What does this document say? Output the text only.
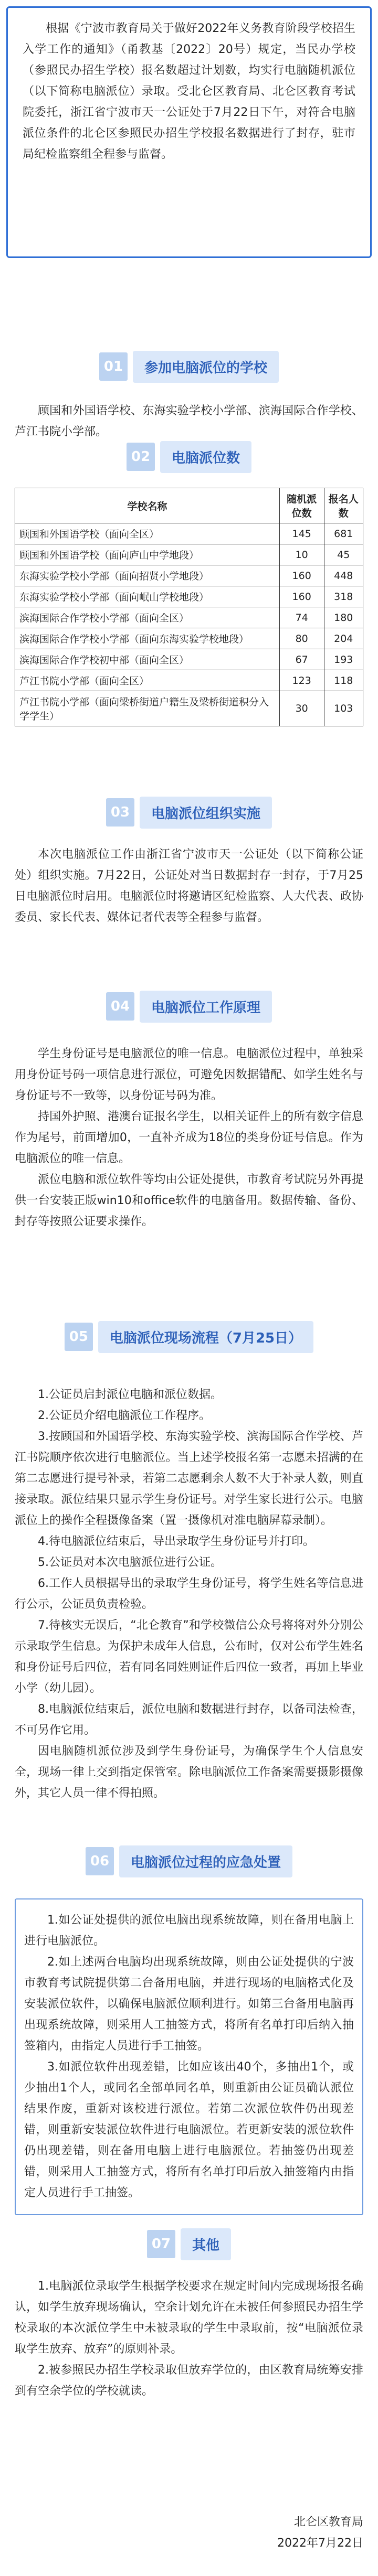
根据《宁波市教育局关于做好2022年义务教育阶段学校招生入学工作的通知》（甬教基〔2022〕20号）规定，当民办学校（参照民办招生学校）报名数超过计划数，均实行电脑随机派位（以下简称电脑派位）录取。受北仑区教育局、北仑区教育考试院委托，浙江省宁波市天一公证处于7月22日下午，对符合电脑派位条件的北仑区参照民办招生学校报名数据进行了封存，驻市局纪检监察组全程参与监督。

01	参加电脑派位的学校

顾国和外国语学校、东海实验学校小学部、滨海国际合作学校、芦江书院小学部。

02	电脑派位数
学校名称	随机派位数	报名人数
顾国和外国语学校（面向全区）	145	681
顾国和外国语学校（面向庐山中学地段）	10	45
东海实验学校小学部（面向招贤小学地段）	160	448
东海实验学校小学部（面向岷山学校地段）	160	318
滨海国际合作学校小学部（面向全区）	74	180
滨海国际合作学校小学部（面向东海实验学校地段）	80	204
滨海国际合作学校初中部（面向全区）	67	193
芦江书院小学部（面向全区）	123	118
芦江书院小学部（面向梁桥街道户籍生及梁桥街道积分入学学生）	30	103
03	电脑派位组织实施

本次电脑派位工作由浙江省宁波市天一公证处（以下简称公证处）组织实施。7月22日，公证处对当日数据封存一封存，于7月25日电脑派位时启用。电脑派位时将邀请区纪检监察、人大代表、政协委员、家长代表、媒体记者代表等全程参与监督。

04	电脑派位工作原理

学生身份证号是电脑派位的唯一信息。电脑派位过程中，单独采用身份证号码一项信息进行派位，可避免因数据错配、如学生姓名与身份证号不一致等，以身份证号码为准。

持国外护照、港澳台证报名学生，以相关证件上的所有数字信息作为尾号，前面增加0，一直补齐成为18位的类身份证号信息。作为电脑派位的唯一信息。

派位电脑和派位软件等均由公证处提供，市教育考试院另外再提供一台安装正版win10和office软件的电脑备用。数据传输、备份、封存等按照公证要求操作。

05	电脑派位现场流程（7月25日）

1.公证员启封派位电脑和派位数据。

2.公证员介绍电脑派位工作程序。

3.按顾国和外国语学校、东海实验学校、滨海国际合作学校、芦江书院顺序依次进行电脑派位。当上述学校报名第一志愿未招满的在第二志愿进行提号补录，若第二志愿剩余人数不大于补录人数，则直接录取。派位结果只显示学生身份证号。对学生家长进行公示。电脑派位上的操作全程摄像备案（置一摄像机对准电脑屏幕录制）。

4.待电脑派位结束后，导出录取学生身份证号并打印。

5.公证员对本次电脑派位进行公证。

6.工作人员根据导出的录取学生身份证号，将学生姓名等信息进行公示，公证员负责检验。

7.待核实无误后，“北仑教育”和学校微信公众号将将对外分别公示录取学生信息。为保护未成年人信息，公布时，仅对公布学生姓名和身份证号后四位，若有同名同姓则证件后四位一致者，再加上毕业小学（幼儿园）。

8.电脑派位结束后，派位电脑和数据进行封存，以备司法检查，不可另作它用。

因电脑随机派位涉及到学生身份证号，为确保学生个人信息安全，现场一律上交到指定保管室。除电脑派位工作备案需要摄影摄像外，其它人员一律不得拍照。

06	电脑派位过程的应急处置

1.如公证处提供的派位电脑出现系统故障，则在备用电脑上进行电脑派位。

2.如上述两台电脑均出现系统故障，则由公证处提供的宁波市教育考试院提供第二台备用电脑，并进行现场的电脑格式化及安装派位软件，以确保电脑派位顺利进行。如第三台备用电脑再出现系统故障，则采用人工抽签方式，将所有名单打印后纳入抽签箱内，由指定人员进行手工抽签。

3.如派位软件出现差错，比如应该出40个，多抽出1个，或少抽出1个人，或同名全部单同名单，则重新由公证员确认派位结果作废，重新对该校进行派位。若第二次派位软件仍出现差错，则重新安装派位软件进行电脑派位。若更新安装的派位软件仍出现差错，则在备用电脑上进行电脑派位。若抽签仍出现差错，则采用人工抽签方式，将所有名单打印后放入抽签箱内由指定人员进行手工抽签。

07	其他

1.电脑派位录取学生根据学校要求在规定时间内完成现场报名确认，如学生放弃现场确认，空余计划允许在未被任何参照民办招生学校录取的本次派位学生中未被录取的学生中录取前，按“电脑派位录取学生放弃、放弃”的原则补录。

2.被参照民办招生学校录取但放弃学位的，由区教育局统筹安排到有空余学位的学校就读。

北仑区教育局
2022年7月22日
